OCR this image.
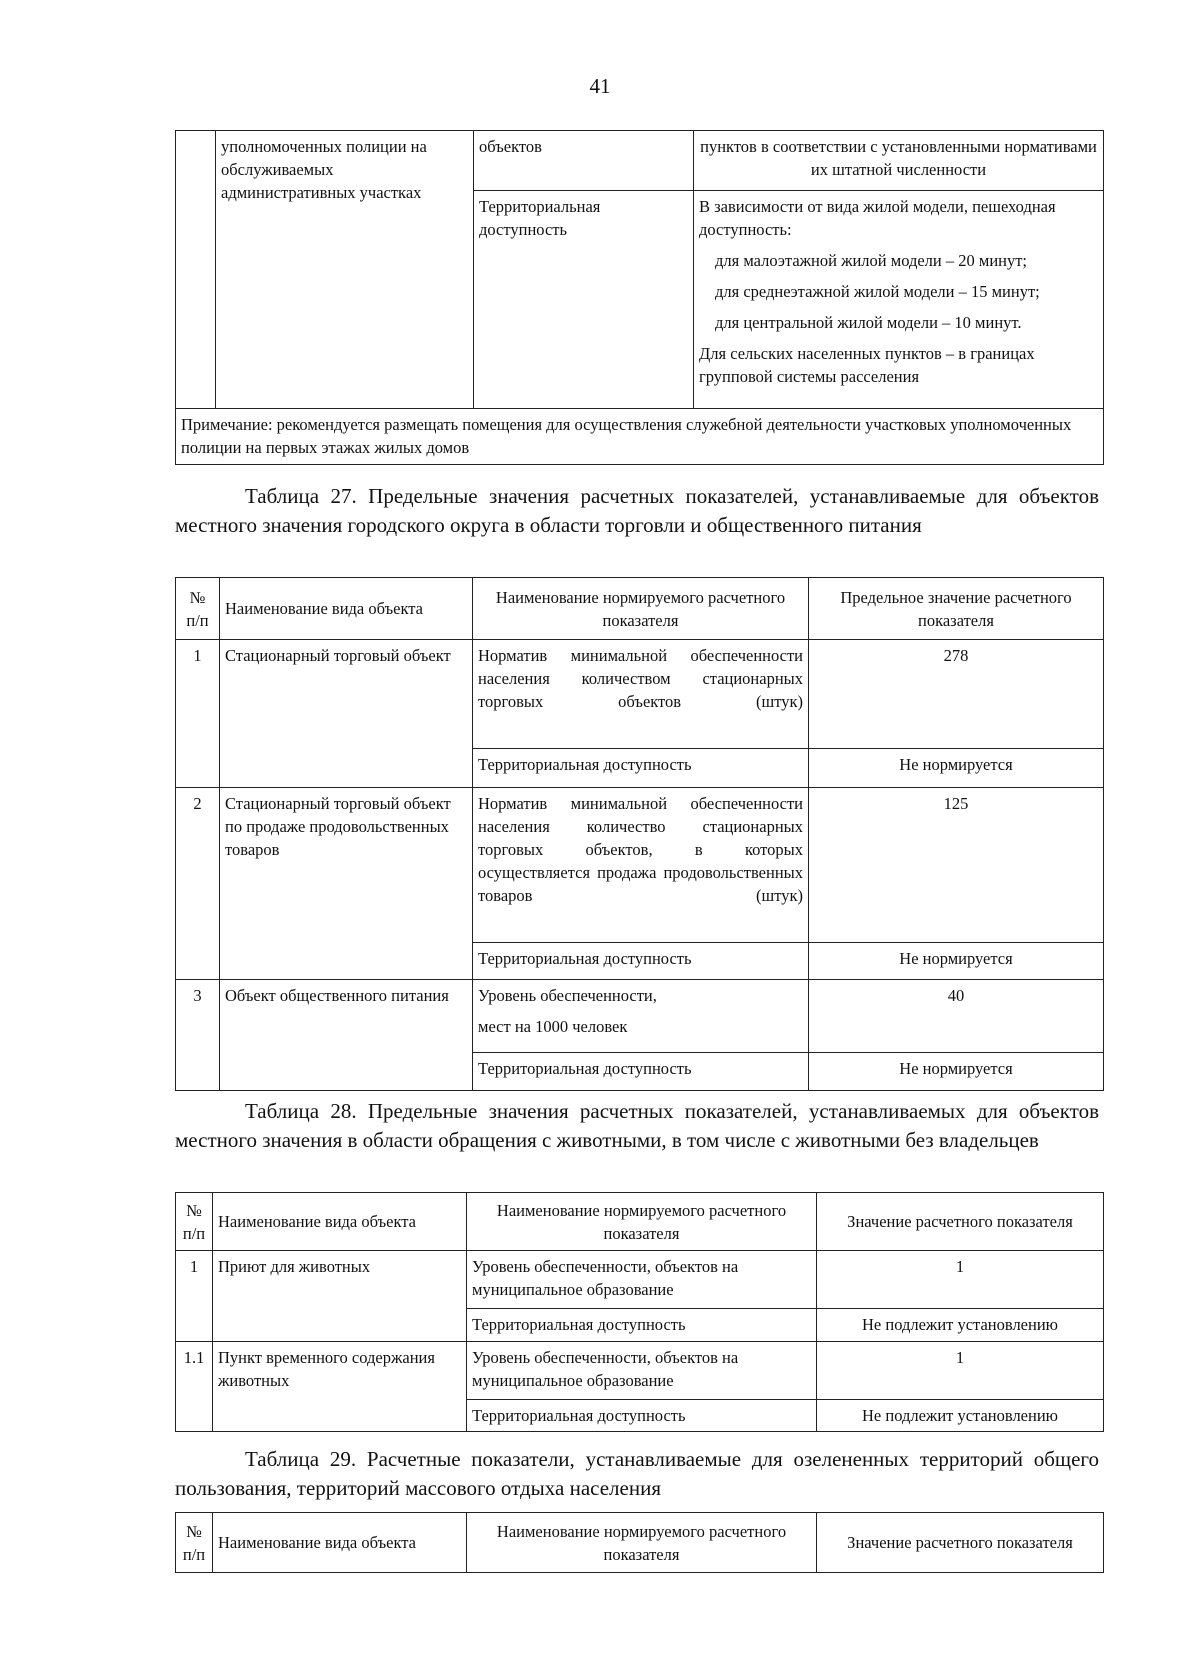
41
	уполномоченных полиции на обслуживаемых административных участках	объектов	пунктов в соответствии с установленными нормативами их штатной численности
		Территориальная доступность	В зависимости от вида жилой модели, пешеходная доступность:
для малоэтажной жилой модели – 20 минут;
для среднеэтажной жилой модели – 15 минут;
для центральной жилой модели – 10 минут.
Для сельских населенных пунктов – в границах групповой системы расселения
Примечание: рекомендуется размещать помещения для осуществления служебной деятельности участковых уполномоченных полиции на первых этажах жилых домов			
Таблица 27. Предельные значения расчетных показателей, устанавливаемые для объектов местного значения городского округа в области торговли и общественного питания
№ п/п	Наименование вида объекта	Наименование нормируемого расчетного показателя	Предельное значение расчетного показателя
1	Стационарный торговый объект	Норматив минимальной обеспеченности населения количеством стационарных торговых объектов (штук)	278
		Территориальная доступность	Не нормируется
2	Стационарный торговый объект по продаже продовольственных товаров	Норматив минимальной обеспеченности населения количество стационарных торговых объектов, в которых осуществляется продажа продовольственных товаров (штук)	125
		Территориальная доступность	Не нормируется
3	Объект общественного питания	Уровень обеспеченности,
мест на 1000 человек	40
		Территориальная доступность	Не нормируется
Таблица 28. Предельные значения расчетных показателей, устанавливаемых для объектов местного значения в области обращения с животными, в том числе с животными без владельцев
№ п/п	Наименование вида объекта	Наименование нормируемого расчетного показателя	Значение расчетного показателя
1	Приют для животных	Уровень обеспеченности, объектов на муниципальное образование	1
		Территориальная доступность	Не подлежит установлению
1.1	Пункт временного содержания животных	Уровень обеспеченности, объектов на муниципальное образование	1
		Территориальная доступность	Не подлежит установлению
Таблица 29. Расчетные показатели, устанавливаемые для озелененных территорий общего пользования, территорий массового отдыха населения
№ п/п	Наименование вида объекта	Наименование нормируемого расчетного показателя	Значение расчетного показателя
